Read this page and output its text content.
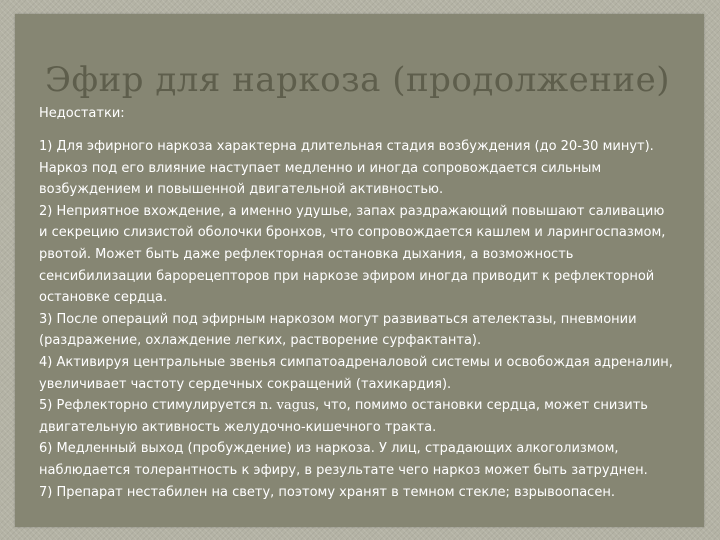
Эфир для наркоза (продолжение)
Недостатки:
1) Для эфирного наркоза характерна длительная стадия возбуждения (до 20-30 минут).
Наркоз под его влияние наступает медленно и иногда сопровождается сильным
возбуждением и повышенной двигательной активностью.
2) Неприятное вхождение, а именно удушье, запах раздражающий повышают саливацию
и секрецию слизистой оболочки бронхов, что сопровождается кашлем и ларингоспазмом,
рвотой. Может быть даже рефлекторная остановка дыхания, а возможность
сенсибилизации барорецепторов при наркозе эфиром иногда приводит к рефлекторной
остановке сердца.
3) После операций под эфирным наркозом могут развиваться ателектазы, пневмонии
(раздражение, охлаждение легких, растворение сурфактанта).
4) Активируя центральные звенья симпатоадреналовой системы и освобождая адреналин,
увеличивает частоту сердечных сокращений (тахикардия).
5) Рефлекторно стимулируется n. vagus, что, помимо остановки сердца, может снизить
двигательную активность желудочно-кишечного тракта.
6) Медленный выход (пробуждение) из наркоза. У лиц, страдающих алкоголизмом,
наблюдается толерантность к эфиру, в результате чего наркоз может быть затруднен.
7) Препарат нестабилен на свету, поэтому хранят в темном стекле; взрывоопасен.
